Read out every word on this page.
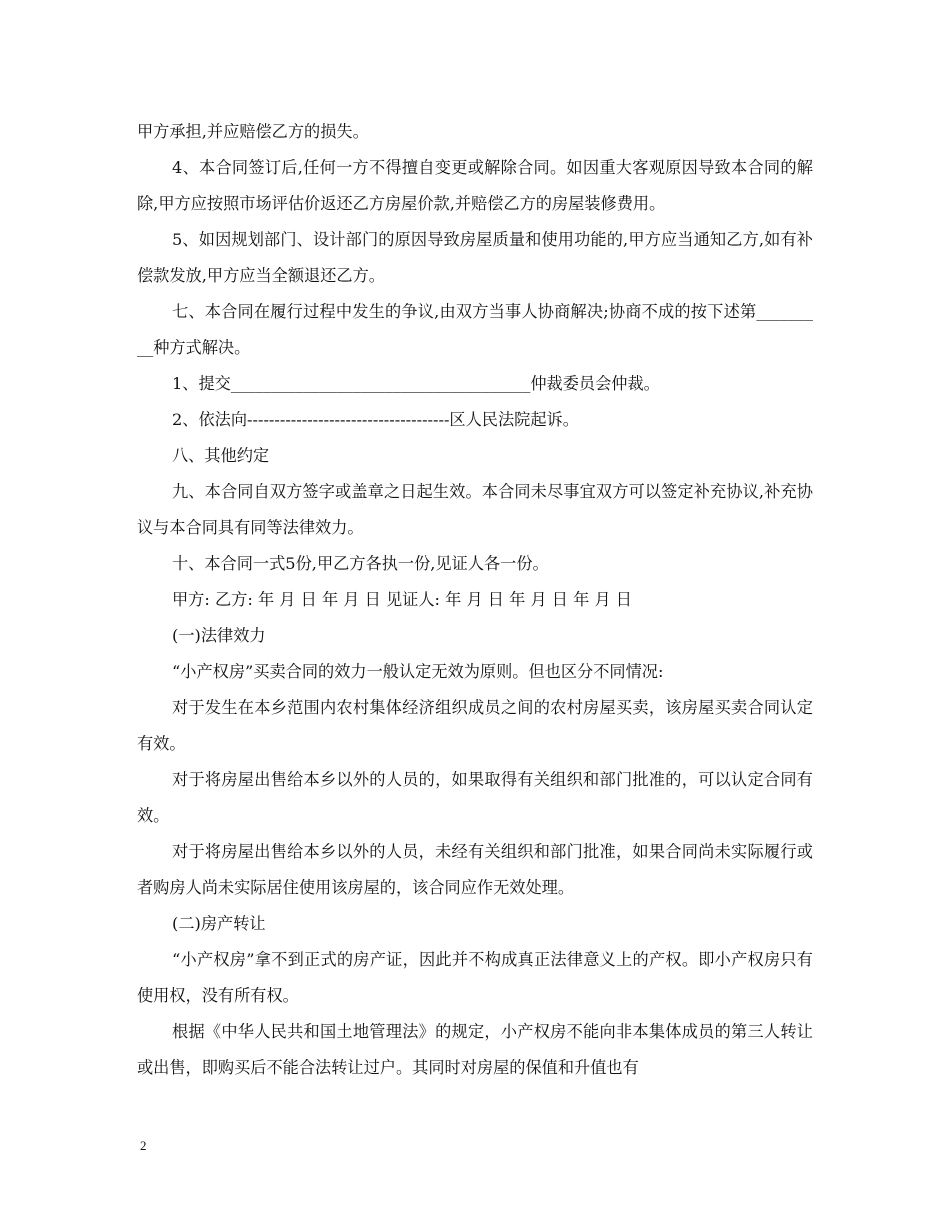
甲方承担,并应赔偿乙方的损失。

4、本合同签订后,任何一方不得擅自变更或解除合同。如因重大客观原因导致本合同的解除,甲方应按照市场评估价返还乙方房屋价款,并赔偿乙方的房屋装修费用。

5、如因规划部门、设计部门的原因导致房屋质量和使用功能的,甲方应当通知乙方,如有补偿款发放,甲方应当全额退还乙方。

七、本合同在履行过程中发生的争议,由双方当事人协商解决;协商不成的按下述第_________种方式解决。

1、提交_____________________________________仲裁委员会仲裁。

2、依法向-------------------------------------区人民法院起诉。

八、其他约定

九、本合同自双方签字或盖章之日起生效。本合同未尽事宜双方可以签定补充协议,补充协议与本合同具有同等法律效力。

十、本合同一式5份,甲乙方各执一份,见证人各一份。

甲方: 乙方: 年 月 日 年 月 日 见证人: 年 月 日 年 月 日 年 月 日

(一)法律效力

“小产权房”买卖合同的效力一般认定无效为原则。但也区分不同情况:

对于发生在本乡范围内农村集体经济组织成员之间的农村房屋买卖，该房屋买卖合同认定有效。

对于将房屋出售给本乡以外的人员的，如果取得有关组织和部门批准的，可以认定合同有效。

对于将房屋出售给本乡以外的人员，未经有关组织和部门批准，如果合同尚未实际履行或者购房人尚未实际居住使用该房屋的，该合同应作无效处理。

(二)房产转让

“小产权房”拿不到正式的房产证，因此并不构成真正法律意义上的产权。即小产权房只有使用权，没有所有权。

根据《中华人民共和国土地管理法》的规定，小产权房不能向非本集体成员的第三人转让或出售，即购买后不能合法转让过户。其同时对房屋的保值和升值也有

2
